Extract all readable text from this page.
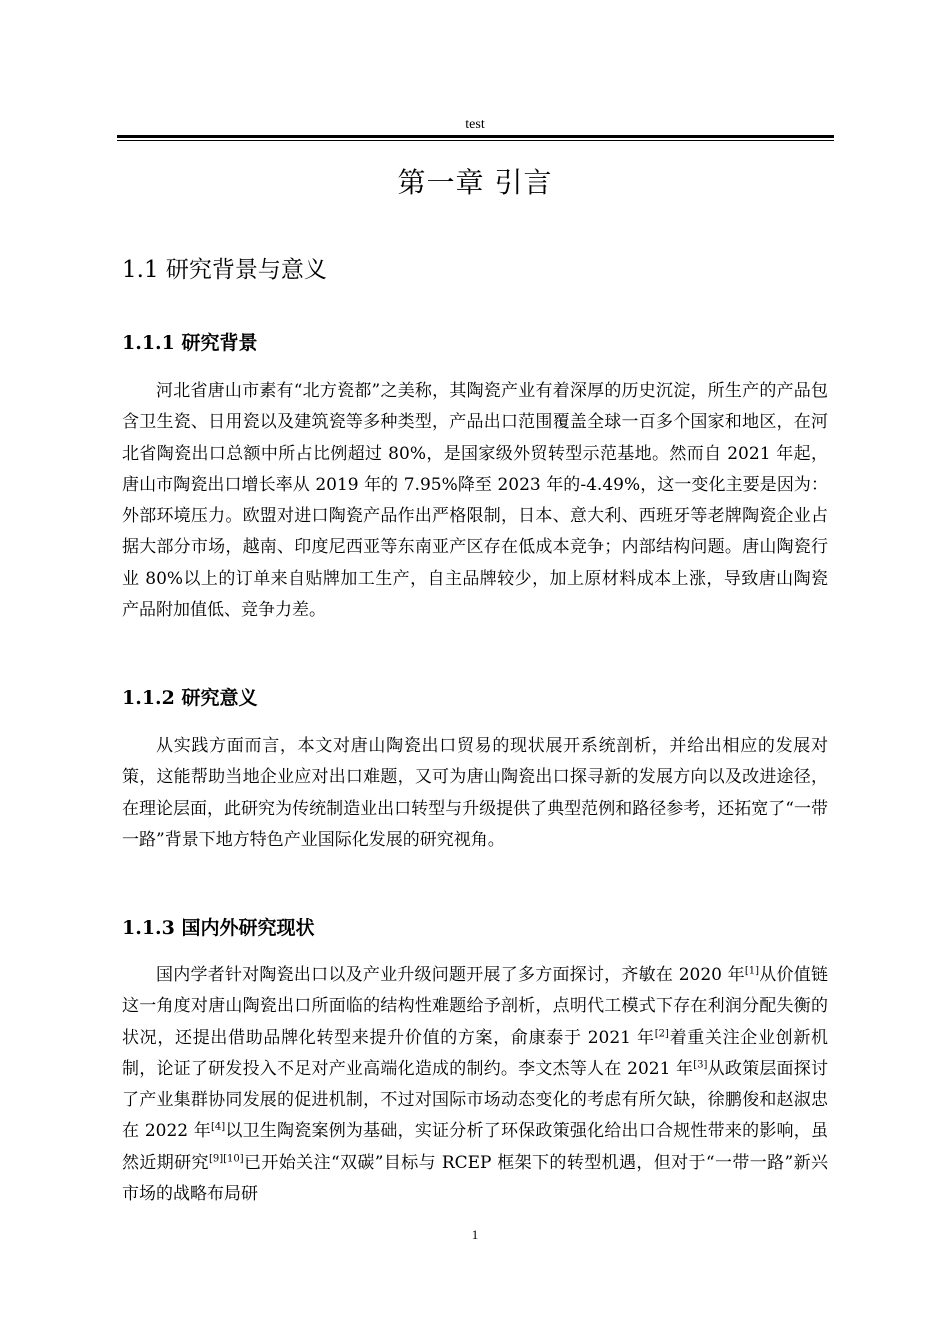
test
第一章 引言
1.1 研究背景与意义
1.1.1 研究背景

河北省唐山市素有“北方瓷都”之美称，其陶瓷产业有着深厚的历史沉淀，所生产的产品包含卫生瓷、日用瓷以及建筑瓷等多种类型，产品出口范围覆盖全球一百多个国家和地区，在河北省陶瓷出口总额中所占比例超过 80%，是国家级外贸转型示范基地。然而自 2021 年起，唐山市陶瓷出口增长率从 2019 年的 7.95%降至 2023 年的-4.49%，这一变化主要是因为：外部环境压力。欧盟对进口陶瓷产品作出严格限制，日本、意大利、西班牙等老牌陶瓷企业占据大部分市场，越南、印度尼西亚等东南亚产区存在低成本竞争；内部结构问题。唐山陶瓷行业 80%以上的订单来自贴牌加工生产，自主品牌较少，加上原材料成本上涨，导致唐山陶瓷产品附加值低、竞争力差。

1.1.2 研究意义

从实践方面而言，本文对唐山陶瓷出口贸易的现状展开系统剖析，并给出相应的发展对策，这能帮助当地企业应对出口难题，又可为唐山陶瓷出口探寻新的发展方向以及改进途径，在理论层面，此研究为传统制造业出口转型与升级提供了典型范例和路径参考，还拓宽了“一带一路”背景下地方特色产业国际化发展的研究视角。

1.1.3 国内外研究现状

国内学者针对陶瓷出口以及产业升级问题开展了多方面探讨，齐敏在 2020 年[1]从价值链这一角度对唐山陶瓷出口所面临的结构性难题给予剖析，点明代工模式下存在利润分配失衡的状况，还提出借助品牌化转型来提升价值的方案，俞康泰于 2021 年[2]着重关注企业创新机制，论证了研发投入不足对产业高端化造成的制约。李文杰等人在 2021 年[3]从政策层面探讨了产业集群协同发展的促进机制，不过对国际市场动态变化的考虑有所欠缺，徐鹏俊和赵淑忠在 2022 年[4]以卫生陶瓷案例为基础，实证分析了环保政策强化给出口合规性带来的影响，虽然近期研究[9][10]已开始关注“双碳”目标与 RCEP 框架下的转型机遇，但对于“一带一路”新兴市场的战略布局研

1
